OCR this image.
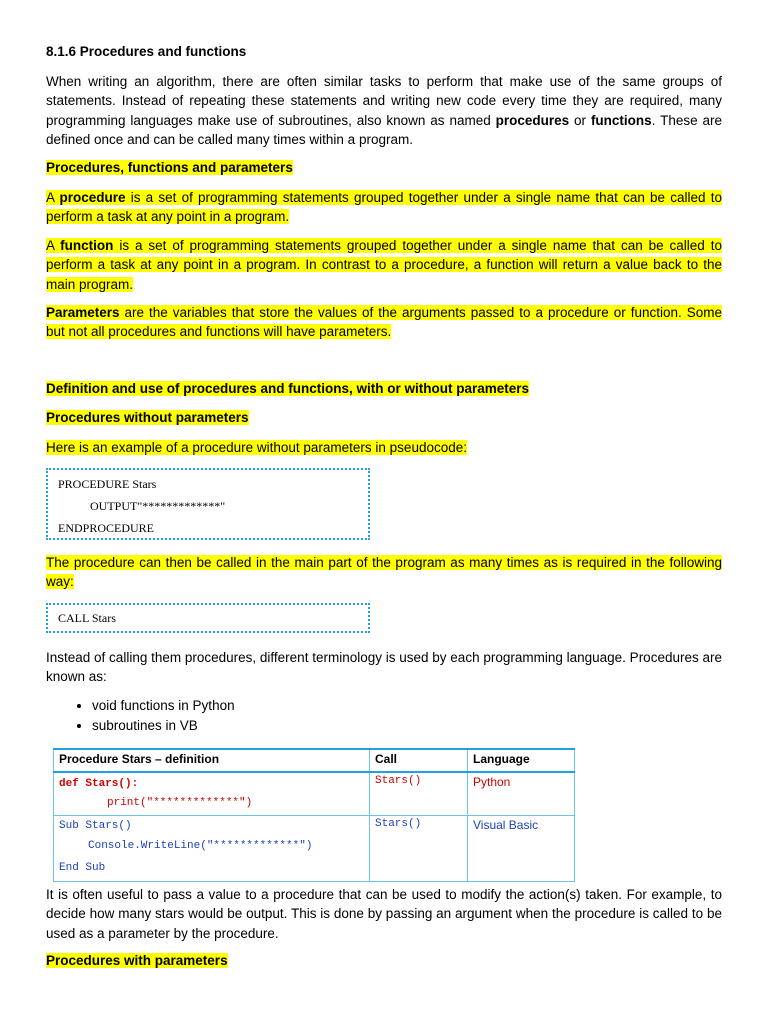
8.1.6 Procedures and functions
When writing an algorithm, there are often similar tasks to perform that make use of the same groups of statements. Instead of repeating these statements and writing new code every time they are required, many programming languages make use of subroutines, also known as named procedures or functions. These are defined once and can be called many times within a program.
Procedures, functions and parameters
A procedure is a set of programming statements grouped together under a single name that can be called to perform a task at any point in a program.
A function is a set of programming statements grouped together under a single name that can be called to perform a task at any point in a program. In contrast to a procedure, a function will return a value back to the main program.
Parameters are the variables that store the values of the arguments passed to a procedure or function. Some but not all procedures and functions will have parameters.
Definition and use of procedures and functions, with or without parameters
Procedures without parameters
Here is an example of a procedure without parameters in pseudocode:
PROCEDURE Stars
OUTPUT"*************"
ENDPROCEDURE
The procedure can then be called in the main part of the program as many times as is required in the following way:
CALL Stars
Instead of calling them procedures, different terminology is used by each programming language. Procedures are known as:
• void functions in Python
• subroutines in VB
Procedure Stars – definition	Call	Language

def Stars():
print("*************")	Stars()	Python

Sub Stars()
Console.WriteLine("*************")
End Sub	Stars()	Visual Basic
It is often useful to pass a value to a procedure that can be used to modify the action(s) taken. For example, to decide how many stars would be output. This is done by passing an argument when the procedure is called to be used as a parameter by the procedure.
Procedures with parameters
